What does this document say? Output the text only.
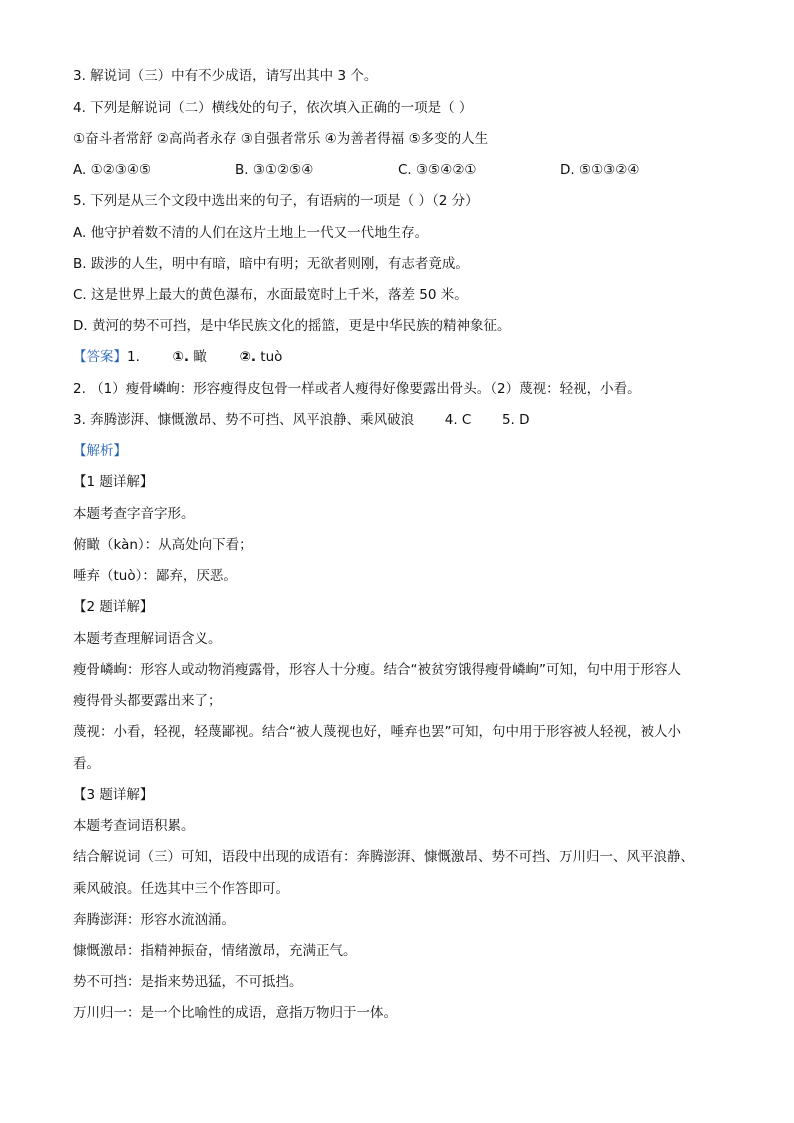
3. 解说词（三）中有不少成语，请写出其中 3 个。
4. 下列是解说词（二）横线处的句子，依次填入正确的一项是（ ）
①奋斗者常舒 ②高尚者永存 ③自强者常乐 ④为善者得福 ⑤多变的人生
A. ①②③④⑤	B. ③①②⑤④	C. ③⑤④②①	D. ⑤①③②④
5. 下列是从三个文段中选出来的句子，有语病的一项是（ ）（2 分）
A. 他守护着数不清的人们在这片土地上一代又一代地生存。
B. 跋涉的人生，明中有暗，暗中有明；无欲者则刚，有志者竟成。
C. 这是世界上最大的黄色瀑布，水面最宽时上千米，落差 50 米。
D. 黄河的势不可挡，是中华民族文化的摇篮，更是中华民族的精神象征。
【答案】1. ①. 瞰 ②. tuò
2. （1）瘦骨嶙峋：形容瘦得皮包骨一样或者人瘦得好像要露出骨头。（2）蔑视：轻视，小看。
3. 奔腾澎湃、慷慨激昂、势不可挡、风平浪静、乘风破浪 4. C 5. D
【解析】
【1 题详解】
本题考查字音字形。
俯瞰（kàn）：从高处向下看；
唾弃（tuò）：鄙弃，厌恶。
【2 题详解】
本题考查理解词语含义。
瘦骨嶙峋：形容人或动物消瘦露骨，形容人十分瘦。结合“被贫穷饿得瘦骨嶙峋”可知，句中用于形容人
瘦得骨头都要露出来了；
蔑视：小看，轻视，轻蔑鄙视。结合“被人蔑视也好，唾弃也罢”可知，句中用于形容被人轻视，被人小
看。
【3 题详解】
本题考查词语积累。
结合解说词（三）可知，语段中出现的成语有：奔腾澎湃、慷慨激昂、势不可挡、万川归一、风平浪静、
乘风破浪。任选其中三个作答即可。
奔腾澎湃：形容水流汹涌。
慷慨激昂：指精神振奋，情绪激昂，充满正气。
势不可挡：是指来势迅猛，不可抵挡。
万川归一：是一个比喻性的成语，意指万物归于一体。
